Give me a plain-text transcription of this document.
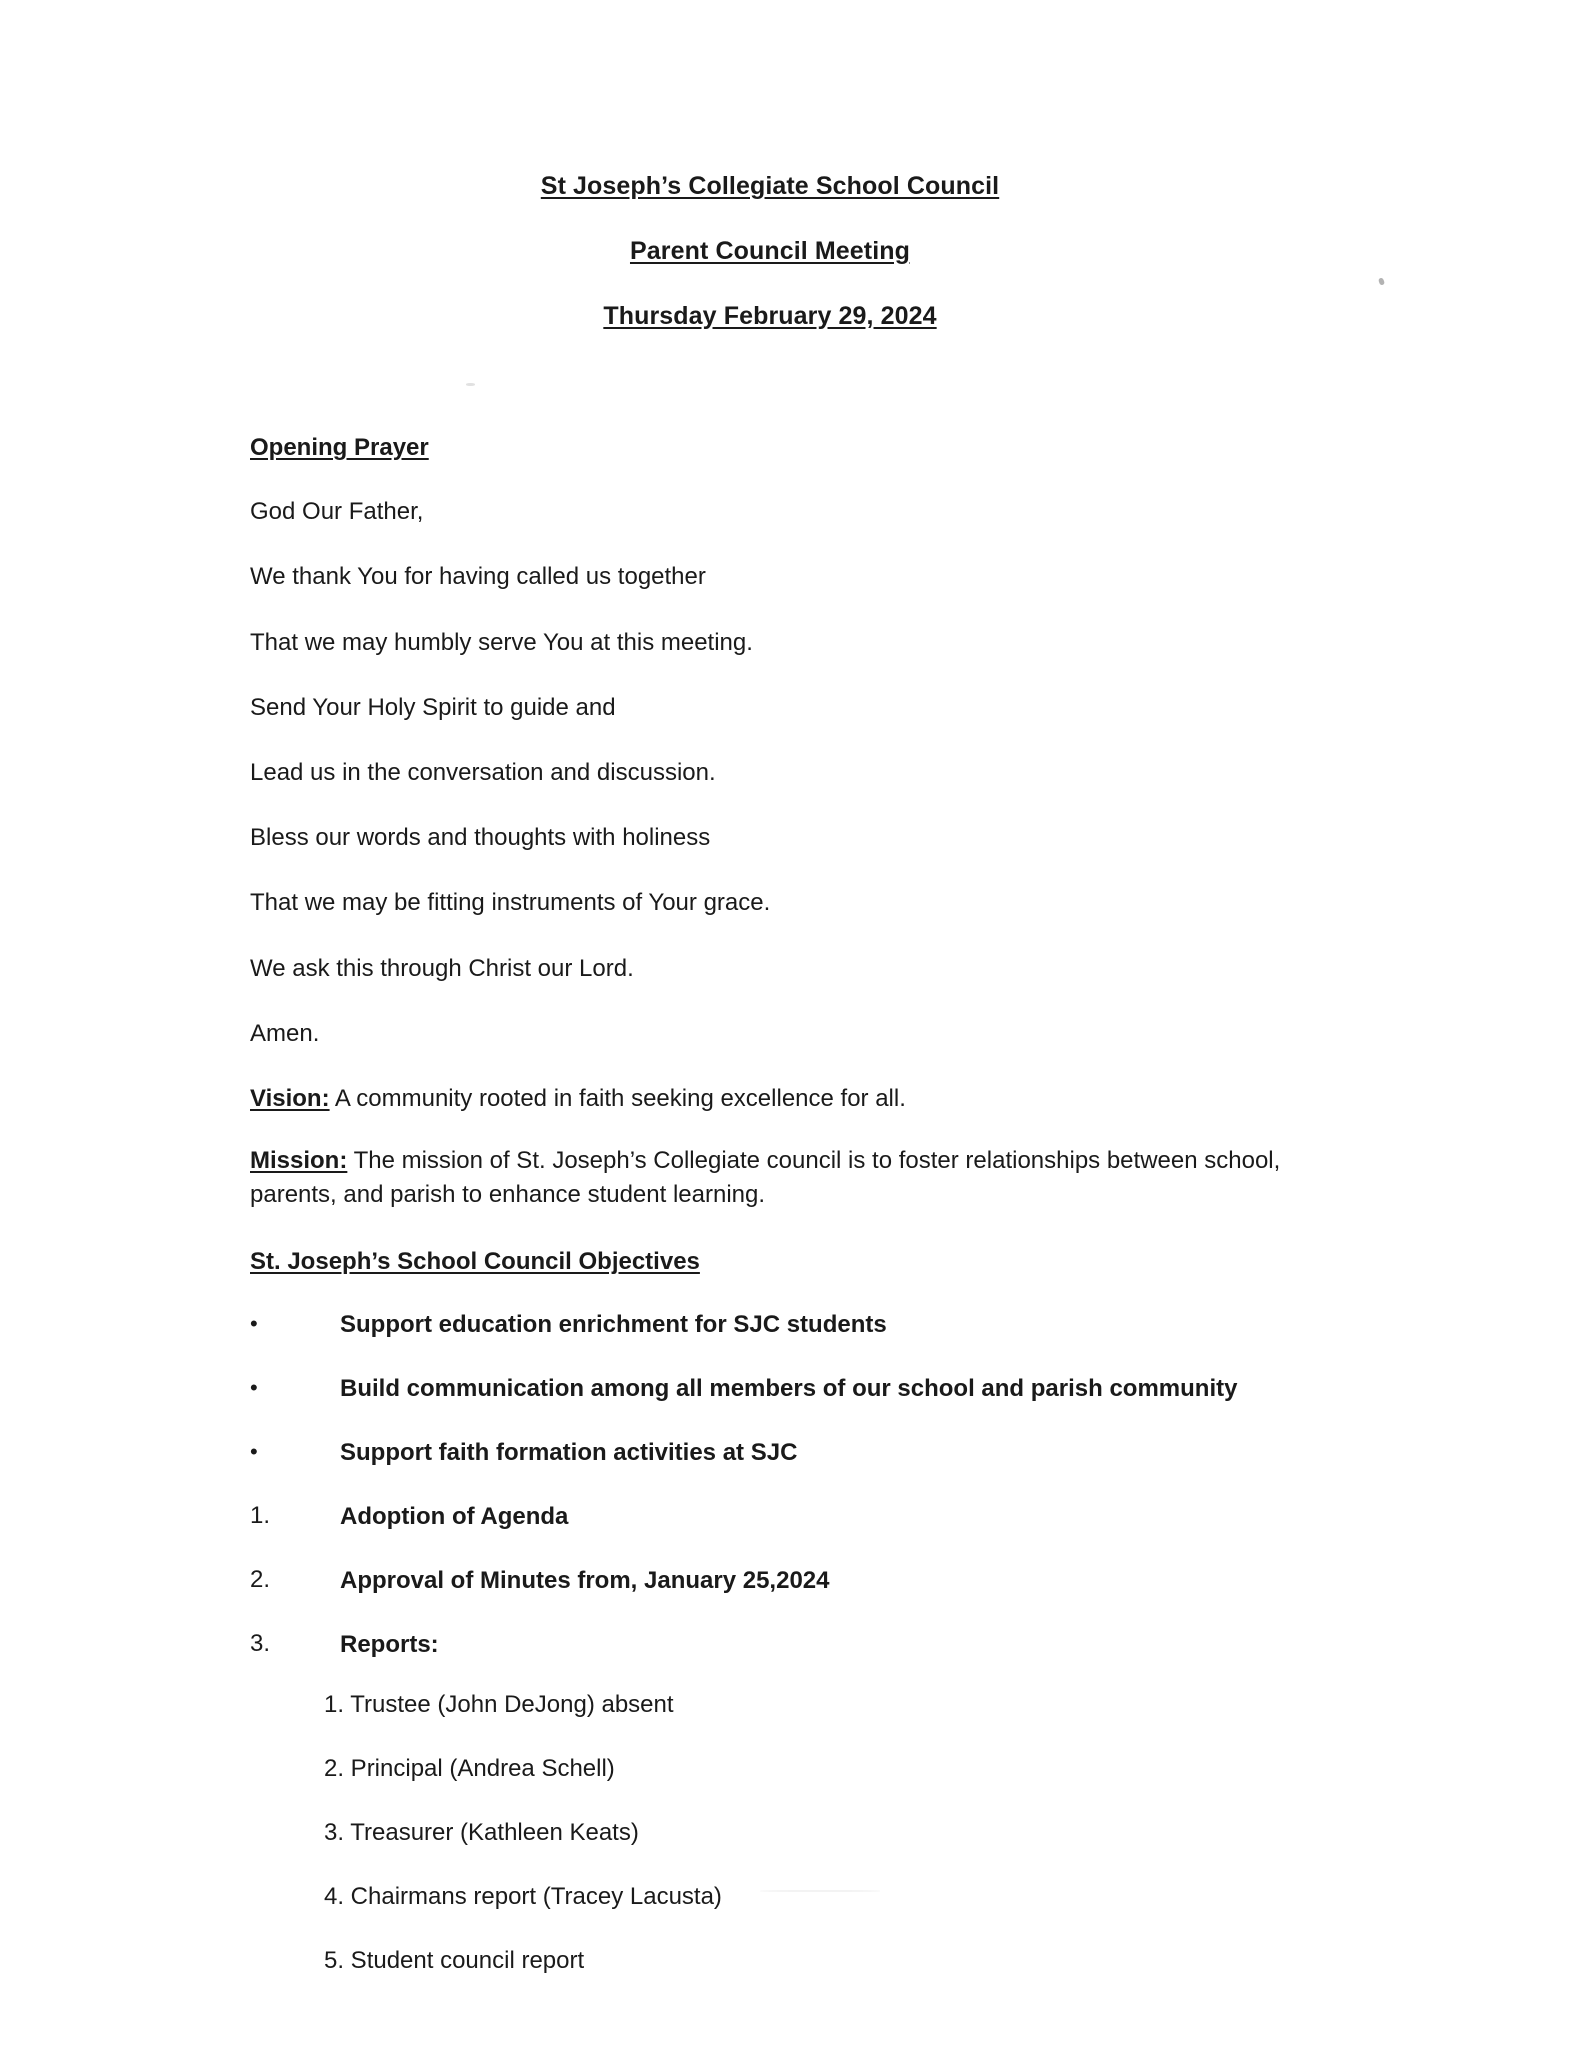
St Joseph’s Collegiate School Council
Parent Council Meeting
Thursday February 29, 2024
Opening Prayer
God Our Father,
We thank You for having called us together
That we may humbly serve You at this meeting.
Send Your Holy Spirit to guide and
Lead us in the conversation and discussion.
Bless our words and thoughts with holiness
That we may be fitting instruments of Your grace.
We ask this through Christ our Lord.
Amen.
Vision: A community rooted in faith seeking excellence for all.
Mission: The mission of St. Joseph’s Collegiate council is to foster relationships between school, parents, and parish to enhance student learning.
St. Joseph’s School Council Objectives
•	Support education enrichment for SJC students
•	Build communication among all members of our school and parish community
•	Support faith formation activities at SJC
1.	Adoption of Agenda
2.	Approval of Minutes from, January 25,2024
3.	Reports:
1. Trustee (John DeJong) absent
2. Principal (Andrea Schell)
3. Treasurer (Kathleen Keats)
4. Chairmans report (Tracey Lacusta)
5. Student council report
